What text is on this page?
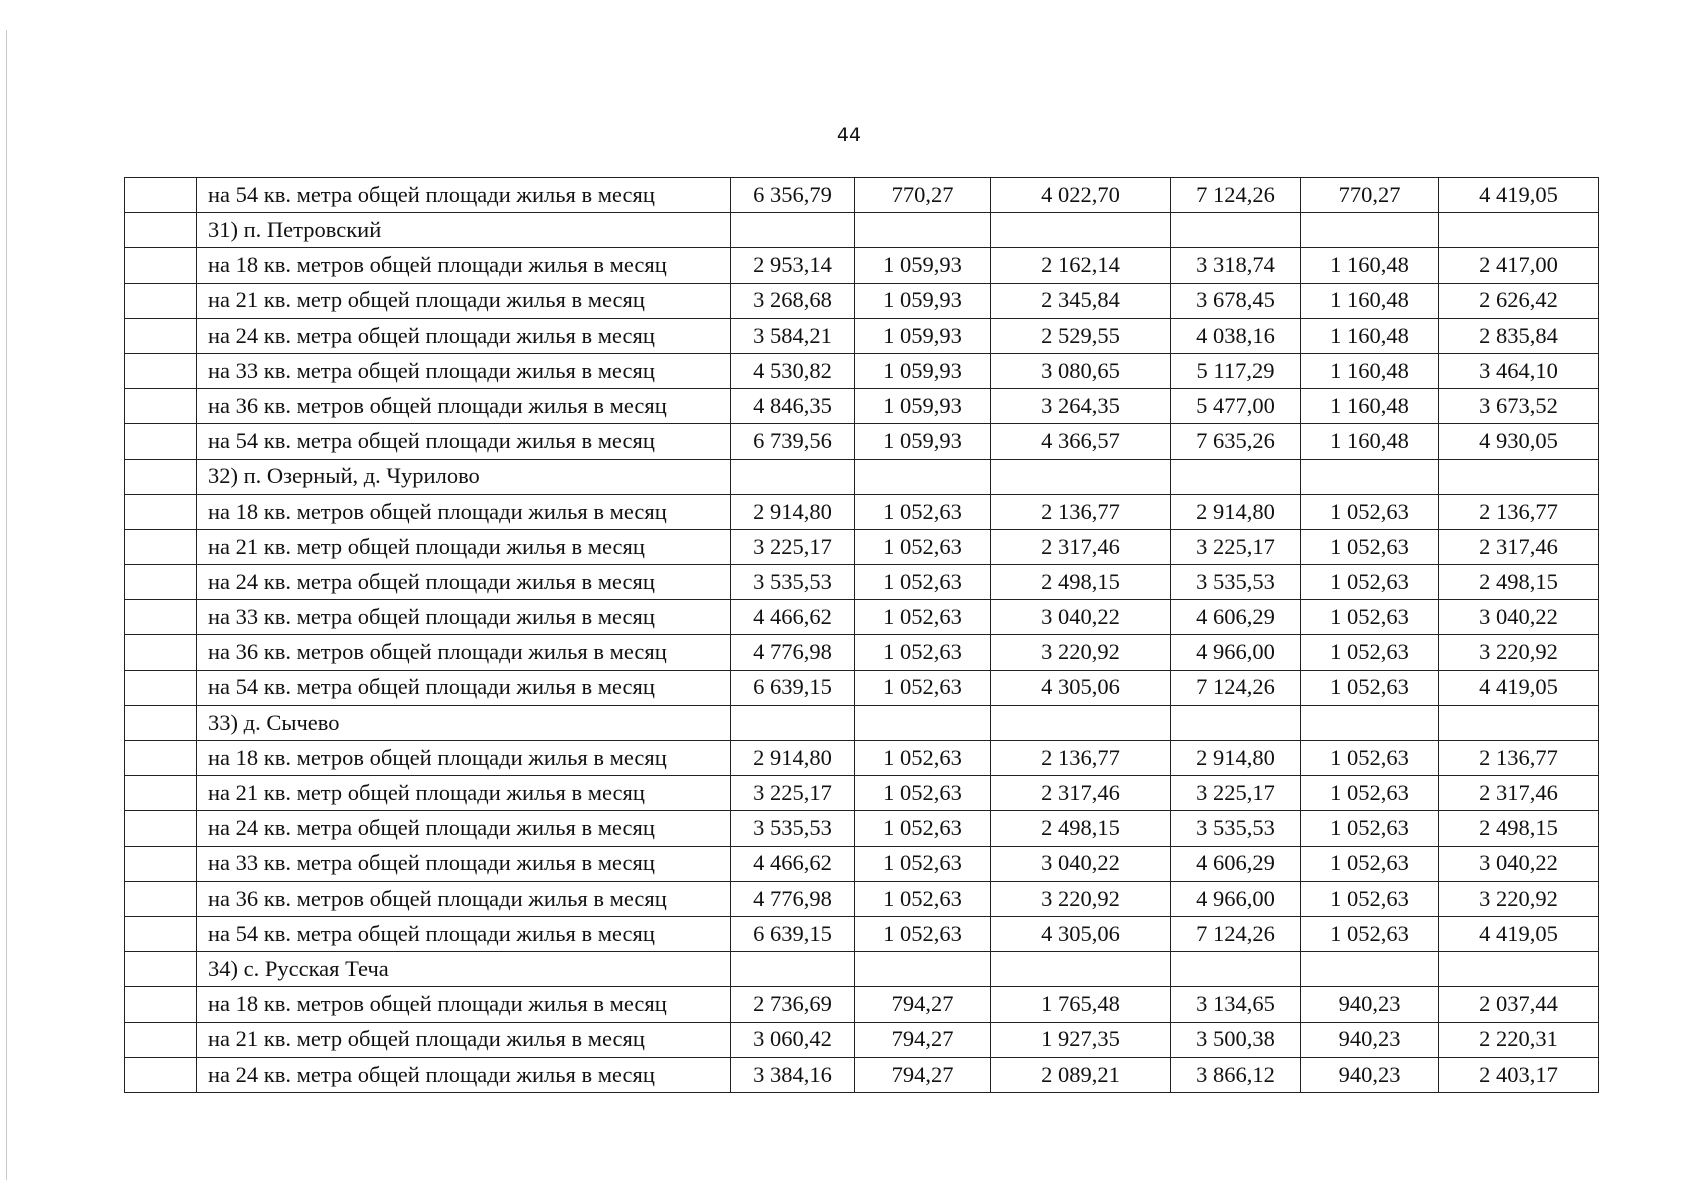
44
	на 54 кв. метра общей площади жилья в месяц	6 356,79	770,27	4 022,70	7 124,26	770,27	4 419,05
	31) п. Петровский						
	на 18 кв. метров общей площади жилья в месяц	2 953,14	1 059,93	2 162,14	3 318,74	1 160,48	2 417,00
	на 21 кв. метр общей площади жилья в месяц	3 268,68	1 059,93	2 345,84	3 678,45	1 160,48	2 626,42
	на 24 кв. метра общей площади жилья в месяц	3 584,21	1 059,93	2 529,55	4 038,16	1 160,48	2 835,84
	на 33 кв. метра общей площади жилья в месяц	4 530,82	1 059,93	3 080,65	5 117,29	1 160,48	3 464,10
	на 36 кв. метров общей площади жилья в месяц	4 846,35	1 059,93	3 264,35	5 477,00	1 160,48	3 673,52
	на 54 кв. метра общей площади жилья в месяц	6 739,56	1 059,93	4 366,57	7 635,26	1 160,48	4 930,05
	32) п. Озерный, д. Чурилово						
	на 18 кв. метров общей площади жилья в месяц	2 914,80	1 052,63	2 136,77	2 914,80	1 052,63	2 136,77
	на 21 кв. метр общей площади жилья в месяц	3 225,17	1 052,63	2 317,46	3 225,17	1 052,63	2 317,46
	на 24 кв. метра общей площади жилья в месяц	3 535,53	1 052,63	2 498,15	3 535,53	1 052,63	2 498,15
	на 33 кв. метра общей площади жилья в месяц	4 466,62	1 052,63	3 040,22	4 606,29	1 052,63	3 040,22
	на 36 кв. метров общей площади жилья в месяц	4 776,98	1 052,63	3 220,92	4 966,00	1 052,63	3 220,92
	на 54 кв. метра общей площади жилья в месяц	6 639,15	1 052,63	4 305,06	7 124,26	1 052,63	4 419,05
	33) д. Сычево						
	на 18 кв. метров общей площади жилья в месяц	2 914,80	1 052,63	2 136,77	2 914,80	1 052,63	2 136,77
	на 21 кв. метр общей площади жилья в месяц	3 225,17	1 052,63	2 317,46	3 225,17	1 052,63	2 317,46
	на 24 кв. метра общей площади жилья в месяц	3 535,53	1 052,63	2 498,15	3 535,53	1 052,63	2 498,15
	на 33 кв. метра общей площади жилья в месяц	4 466,62	1 052,63	3 040,22	4 606,29	1 052,63	3 040,22
	на 36 кв. метров общей площади жилья в месяц	4 776,98	1 052,63	3 220,92	4 966,00	1 052,63	3 220,92
	на 54 кв. метра общей площади жилья в месяц	6 639,15	1 052,63	4 305,06	7 124,26	1 052,63	4 419,05
	34) с. Русская Теча						
	на 18 кв. метров общей площади жилья в месяц	2 736,69	794,27	1 765,48	3 134,65	940,23	2 037,44
	на 21 кв. метр общей площади жилья в месяц	3 060,42	794,27	1 927,35	3 500,38	940,23	2 220,31
	на 24 кв. метра общей площади жилья в месяц	3 384,16	794,27	2 089,21	3 866,12	940,23	2 403,17
